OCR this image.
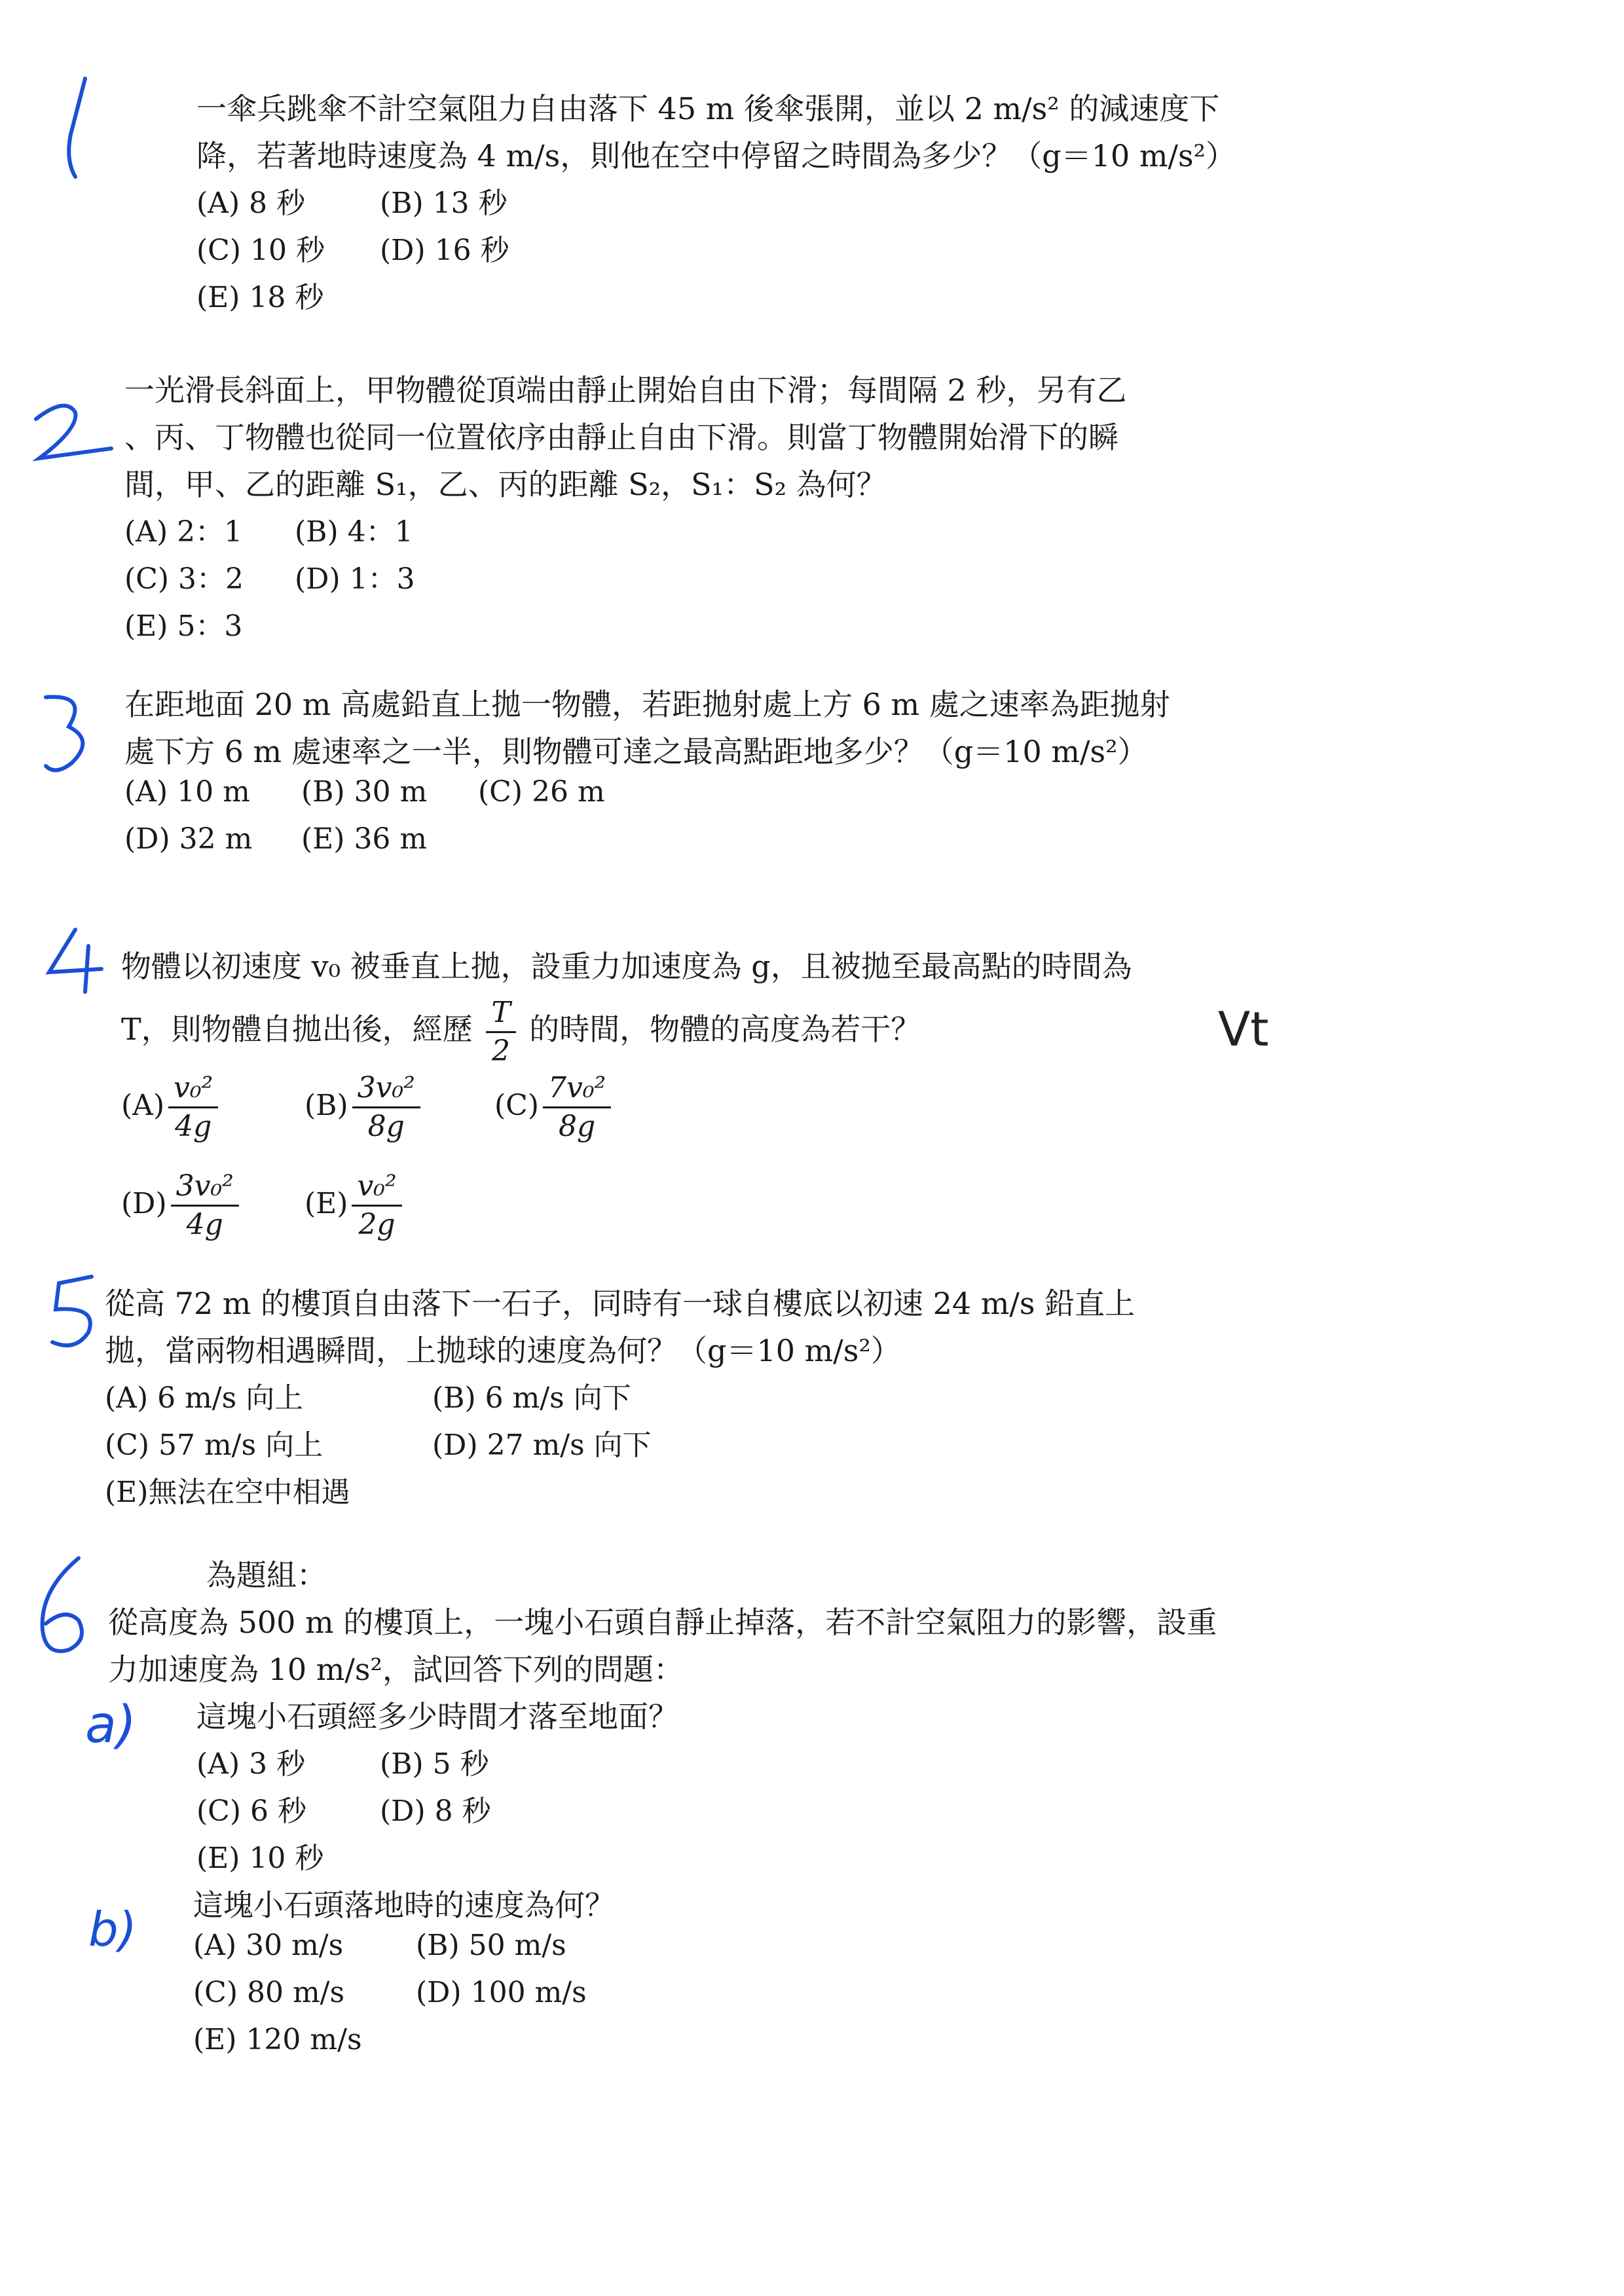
一傘兵跳傘不計空氣阻力自由落下 45 m 後傘張開，並以 2 m/s² 的減速度下
降，若著地時速度為 4 m/s，則他在空中停留之時間為多少？（g＝10 m/s²）
(A) 8 秒	(B) 13 秒
(C) 10 秒 (D) 16 秒
(E) 18 秒
一光滑長斜面上，甲物體從頂端由靜止開始自由下滑；每間隔 2 秒，另有乙
、丙、丁物體也從同一位置依序由靜止自由下滑。則當丁物體開始滑下的瞬
間，甲、乙的距離 S₁，乙、丙的距離 S₂，S₁：S₂ 為何？
(A) 2：1 (B) 4：1
(C) 3：2 (D) 1：3
(E) 5：3
在距地面 20 m 高處鉛直上拋一物體，若距拋射處上方 6 m 處之速率為距拋射
處下方 6 m 處速率之一半，則物體可達之最高點距地多少？（g＝10 m/s²）
(A) 10 m (B) 30 m (C) 26 m
(D) 32 m (E) 36 m
物體以初速度 v₀ 被垂直上拋，設重力加速度為 g，且被拋至最高點的時間為
T，則物體自拋出後，經歷 $\frac{T}{2}$ 的時間，物體的高度為若干？
$(A) \frac{\text{v₀²}}{4g}$	$(B) \frac{\text{3v₀²}}{8g}$	$(C) \frac{\text{7v₀²}}{8g}$
$(D) \frac{\text{3v₀²}}{4g} (E) \frac{\text{v₀²}}{2g}$
Vt
從高 72 m 的樓頂自由落下一石子，同時有一球自樓底以初速 24 m/s 鉛直上
拋，當兩物相遇瞬間，上拋球的速度為何？（g＝10 m/s²）
(A) 6 m/s 向上	(B) 6 m/s 向下
(C) 57 m/s 向上	(D) 27 m/s 向下
(E)無法在空中相遇
為題組：
從高度為 500 m 的樓頂上，一塊小石頭自靜止掉落，若不計空氣阻力的影響，設重
力加速度為 10 m/s²，試回答下列的問題：
這塊小石頭經多少時間才落至地面？
(A) 3 秒	(B) 5 秒
(C) 6 秒	(D) 8 秒
(E) 10 秒
這塊小石頭落地時的速度為何？
(A) 30 m/s	(B) 50 m/s
(C) 80 m/s (D) 100 m/s
(E) 120 m/s
a)
b)
